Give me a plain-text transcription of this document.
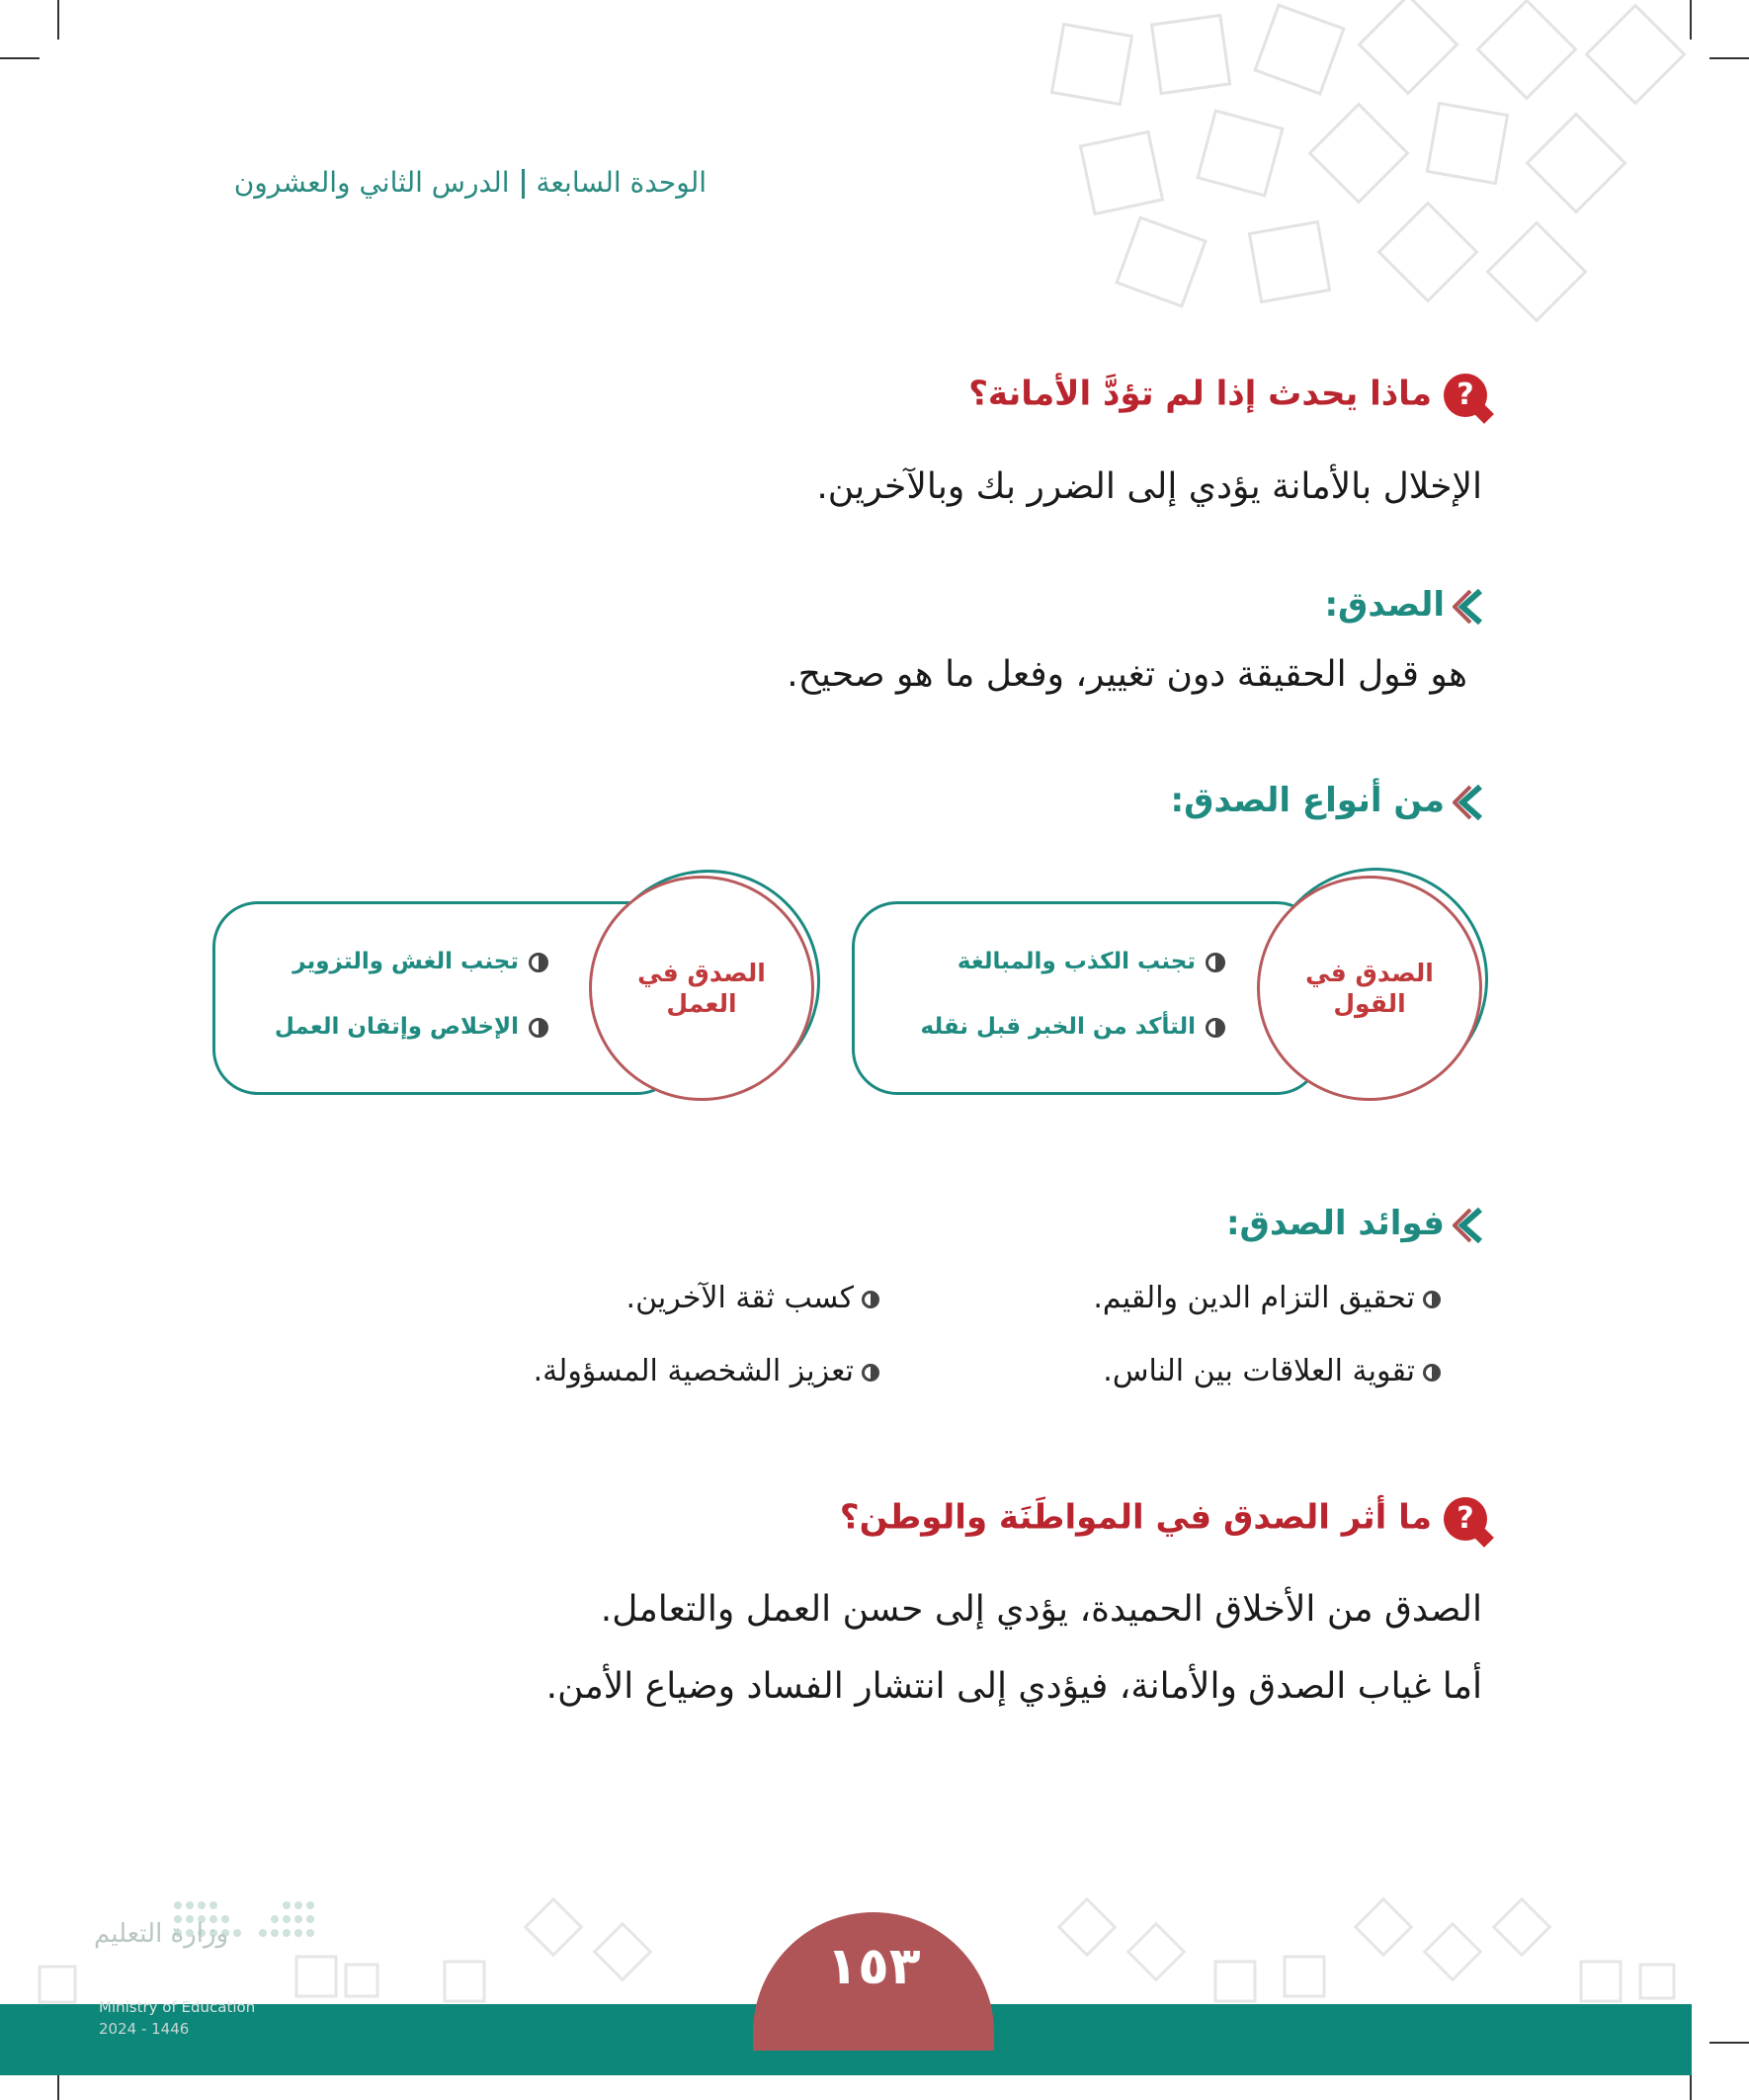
الوحدة السابعةالدرس الثاني والعشرون
?ماذا يحدث إذا لم تؤدَّ الأمانة؟
الإخلال بالأمانة يؤدي إلى الضرر بك وبالآخرين.
الصدق:
هو قول الحقيقة دون تغيير، وفعل ما هو صحيح.
من أنواع الصدق:
الصدق في القول
تجنب الكذب والمبالغة
التأكد من الخبر قبل نقله
الصدق في العمل
تجنب الغش والتزوير
الإخلاص وإتقان العمل
فوائد الصدق:
تحقيق التزام الدين والقيم.
كسب ثقة الآخرين.
تقوية العلاقات بين الناس.
تعزيز الشخصية المسؤولة.
?ما أثر الصدق في المواطَنَة والوطن؟
الصدق من الأخلاق الحميدة، يؤدي إلى حسن العمل والتعامل.
أما غياب الصدق والأمانة، فيؤدي إلى انتشار الفساد وضياع الأمن.
١٥٣
وزارة التعليم
Ministry of Education
2024 - 1446
